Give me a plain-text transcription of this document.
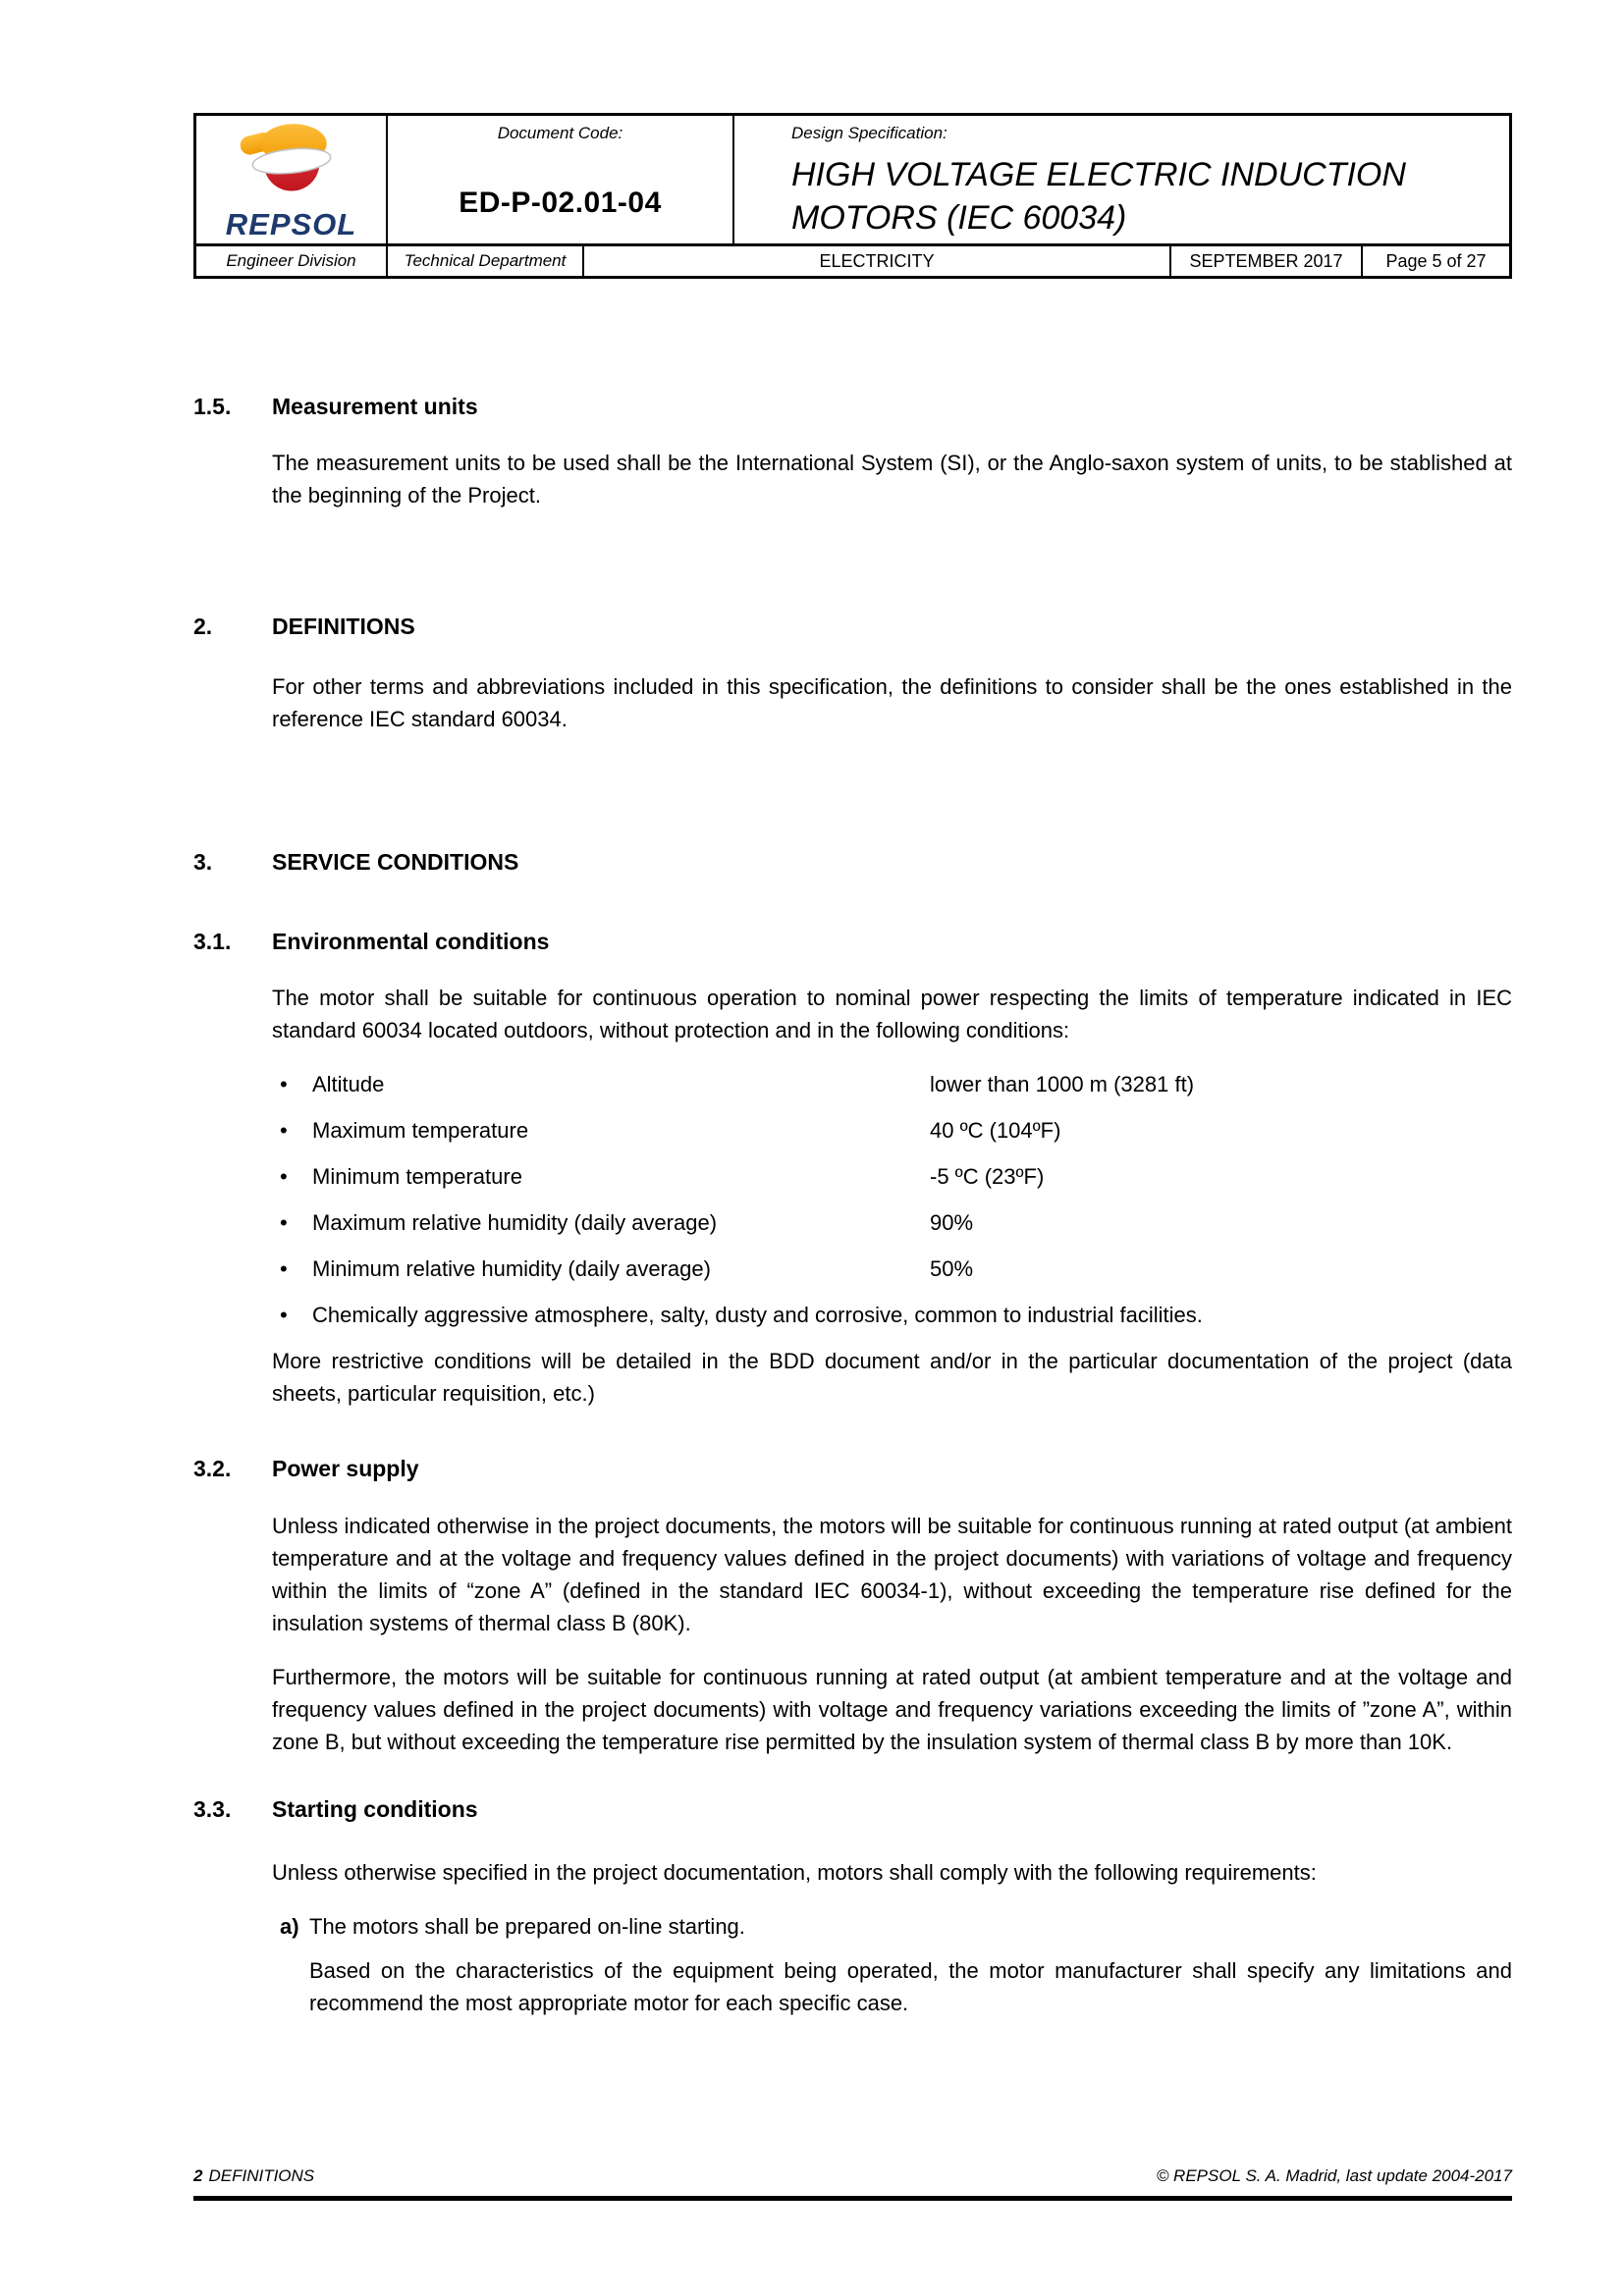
REPSOL
Document Code:
ED-P-02.01-04
Design Specification:
HIGH VOLTAGE ELECTRIC INDUCTION
MOTORS (IEC 60034)
Engineer Division	Technical Department	ELECTRICITY	SEPTEMBER 2017	Page 5 of 27
1.5.	Measurement units

The measurement units to be used shall be the International System (SI), or the Anglo-saxon system of units, to be stablished at the beginning of the Project.

2.	DEFINITIONS

For other terms and abbreviations included in this specification, the definitions to consider shall be the ones established in the reference IEC standard 60034.

3.	SERVICE CONDITIONS
3.1.	Environmental conditions

The motor shall be suitable for continuous operation to nominal power respecting the limits of temperature indicated in IEC standard 60034 located outdoors, without protection and in the following conditions:

•	Altitude	lower than 1000 m (3281 ft)
•	Maximum temperature	40 ºC (104ºF)
•	Minimum temperature	-5 ºC (23ºF)
•	Maximum relative humidity (daily average)	90%
•	Minimum relative humidity (daily average)	50%
•	Chemically aggressive atmosphere, salty, dusty and corrosive, common to industrial facilities.

More restrictive conditions will be detailed in the BDD document and/or in the particular documentation of the project (data sheets, particular requisition, etc.)

3.2.	Power supply

Unless indicated otherwise in the project documents, the motors will be suitable for continuous running at rated output (at ambient temperature and at the voltage and frequency values defined in the project documents) with variations of voltage and frequency within the limits of “zone A” (defined in the standard IEC 60034-1), without exceeding the temperature rise defined for the insulation systems of thermal class B (80K).

Furthermore, the motors will be suitable for continuous running at rated output (at ambient temperature and at the voltage and frequency values defined in the project documents) with voltage and frequency variations exceeding the limits of ”zone A”, within zone B, but without exceeding the temperature rise permitted by the insulation system of thermal class B by more than 10K.

3.3.	Starting conditions

Unless otherwise specified in the project documentation, motors shall comply with the following requirements:

a) The motors shall be prepared on-line starting.

Based on the characteristics of the equipment being operated, the motor manufacturer shall specify any limitations and recommend the most appropriate motor for each specific case.

2 DEFINITIONS	© REPSOL S. A. Madrid, last update 2004-2017
